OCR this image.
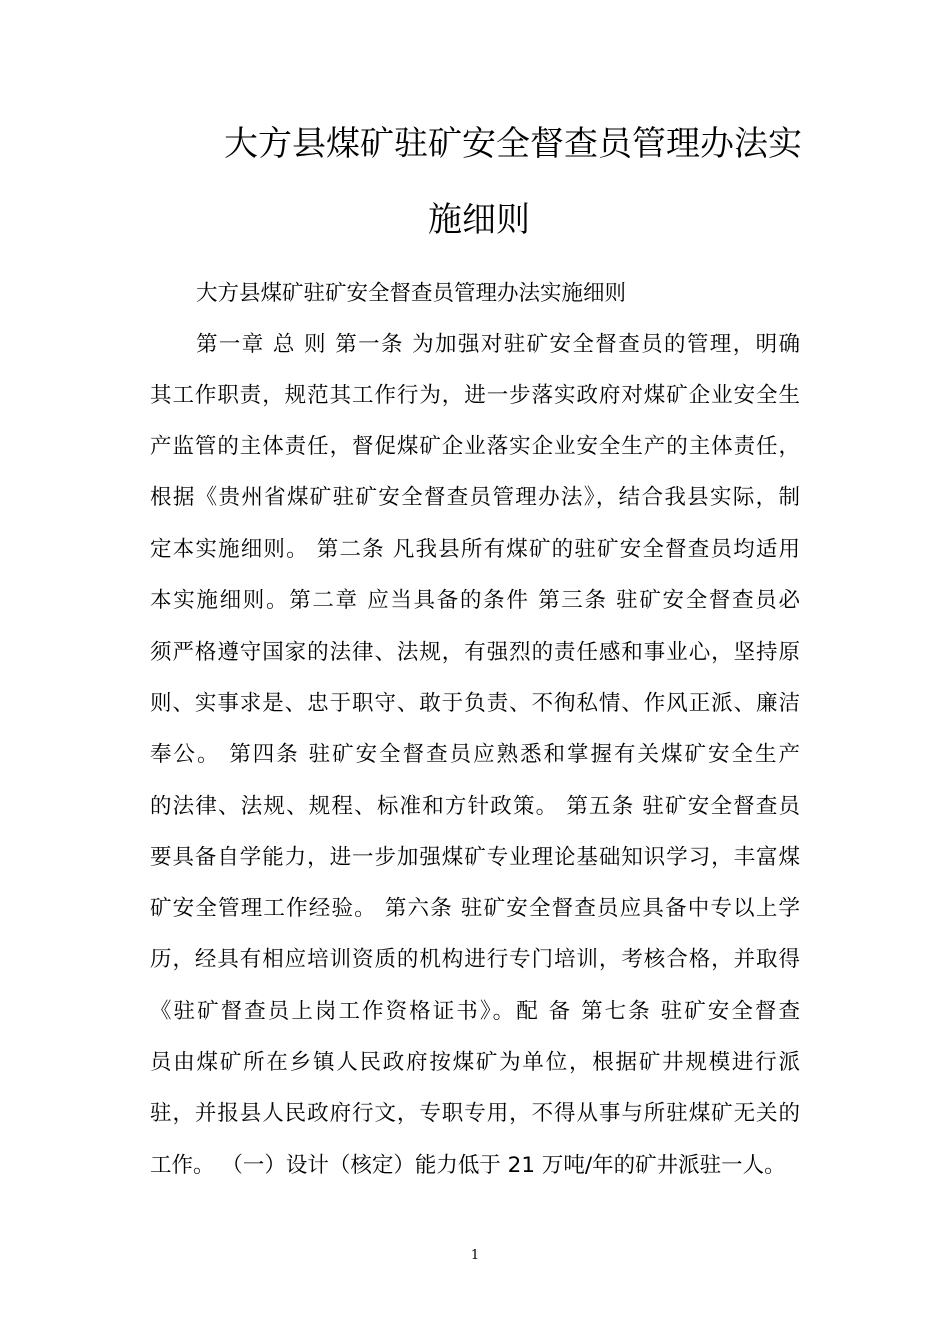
大方县煤矿驻矿安全督查员管理办法实
施细则
大方县煤矿驻矿安全督查员管理办法实施细则
第一章 总 则 第一条 为加强对驻矿安全督查员的管理，明确
其工作职责，规范其工作行为，进一步落实政府对煤矿企业安全生
产监管的主体责任，督促煤矿企业落实企业安全生产的主体责任，
根据《贵州省煤矿驻矿安全督查员管理办法》，结合我县实际，制
定本实施细则。 第二条 凡我县所有煤矿的驻矿安全督查员均适用
本实施细则。第二章 应当具备的条件 第三条 驻矿安全督查员必
须严格遵守国家的法律、法规，有强烈的责任感和事业心，坚持原
则、实事求是、忠于职守、敢于负责、不徇私情、作风正派、廉洁
奉公。 第四条 驻矿安全督查员应熟悉和掌握有关煤矿安全生产
的法律、法规、规程、标准和方针政策。 第五条 驻矿安全督查员
要具备自学能力，进一步加强煤矿专业理论基础知识学习，丰富煤
矿安全管理工作经验。 第六条 驻矿安全督查员应具备中专以上学
历，经具有相应培训资质的机构进行专门培训，考核合格，并取得
《驻矿督查员上岗工作资格证书》。配 备 第七条 驻矿安全督查
员由煤矿所在乡镇人民政府按煤矿为单位，根据矿井规模进行派
驻，并报县人民政府行文，专职专用，不得从事与所驻煤矿无关的
工作。 （一）设计（核定）能力低于 21 万吨/年的矿井派驻一人。
1
